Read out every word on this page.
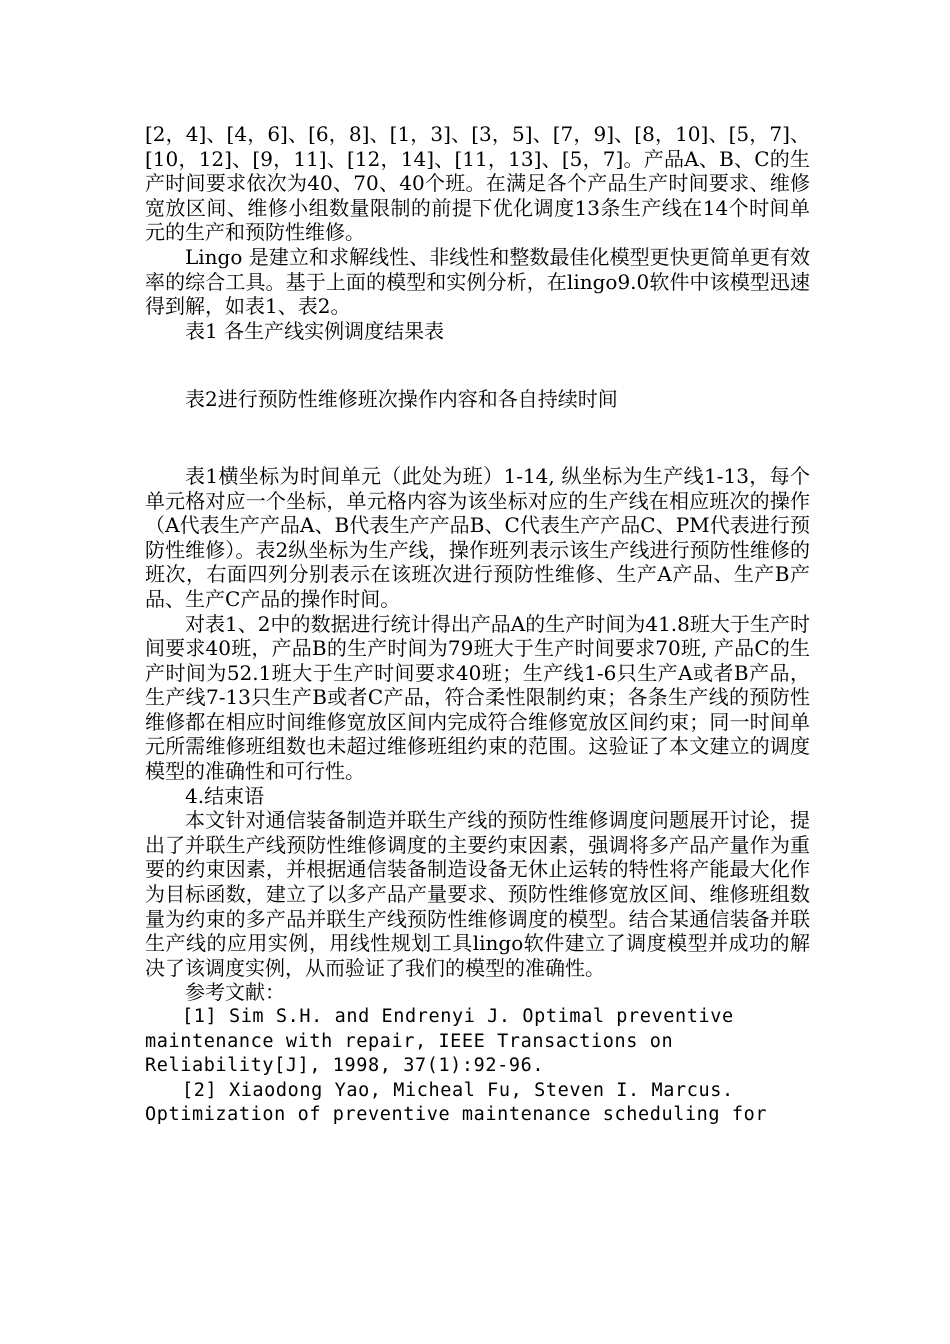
[2，4]、[4，6]、[6，8]、[1，3]、[3，5]、[7，9]、[8，10]、[5，7]、[10，12]、[9，11]、[12，14]、[11，13]、[5，7]。产品A、B、C的生产时间要求依次为40、70、40个班。在满足各个产品生产时间要求、维修宽放区间、维修小组数量限制的前提下优化调度13条生产线在14个时间单元的生产和预防性维修。

Lingo 是建立和求解线性、非线性和整数最佳化模型更快更简单更有效率的综合工具。基于上面的模型和实例分析，在lingo9.0软件中该模型迅速得到解，如表1、表2。

表1 各生产线实例调度结果表

表2进行预防性维修班次操作内容和各自持续时间

表1横坐标为时间单元（此处为班）1-14, 纵坐标为生产线1-13，每个单元格对应一个坐标，单元格内容为该坐标对应的生产线在相应班次的操作（A代表生产产品A、B代表生产产品B、C代表生产产品C、PM代表进行预防性维修）。表2纵坐标为生产线，操作班列表示该生产线进行预防性维修的班次，右面四列分别表示在该班次进行预防性维修、生产A产品、生产B产品、生产C产品的操作时间。

对表1、2中的数据进行统计得出产品A的生产时间为41.8班大于生产时间要求40班，产品B的生产时间为79班大于生产时间要求70班, 产品C的生产时间为52.1班大于生产时间要求40班；生产线1-6只生产A或者B产品，生产线7-13只生产B或者C产品，符合柔性限制约束；各条生产线的预防性维修都在相应时间维修宽放区间内完成符合维修宽放区间约束；同一时间单元所需维修班组数也未超过维修班组约束的范围。这验证了本文建立的调度模型的准确性和可行性。

4.结束语

本文针对通信装备制造并联生产线的预防性维修调度问题展开讨论，提出了并联生产线预防性维修调度的主要约束因素，强调将多产品产量作为重要的约束因素，并根据通信装备制造设备无休止运转的特性将产能最大化作为目标函数，建立了以多产品产量要求、预防性维修宽放区间、维修班组数量为约束的多产品并联生产线预防性维修调度的模型。结合某通信装备并联生产线的应用实例，用线性规划工具lingo软件建立了调度模型并成功的解决了该调度实例，从而验证了我们的模型的准确性。

参考文献：

[1] Sim S.H. and Endrenyi J. Optimal preventive maintenance with repair, IEEE Transactions on Reliability[J], 1998, 37(1):92-96.

[2] Xiaodong Yao, Micheal Fu, Steven I. Marcus. Optimization of preventive maintenance scheduling for
